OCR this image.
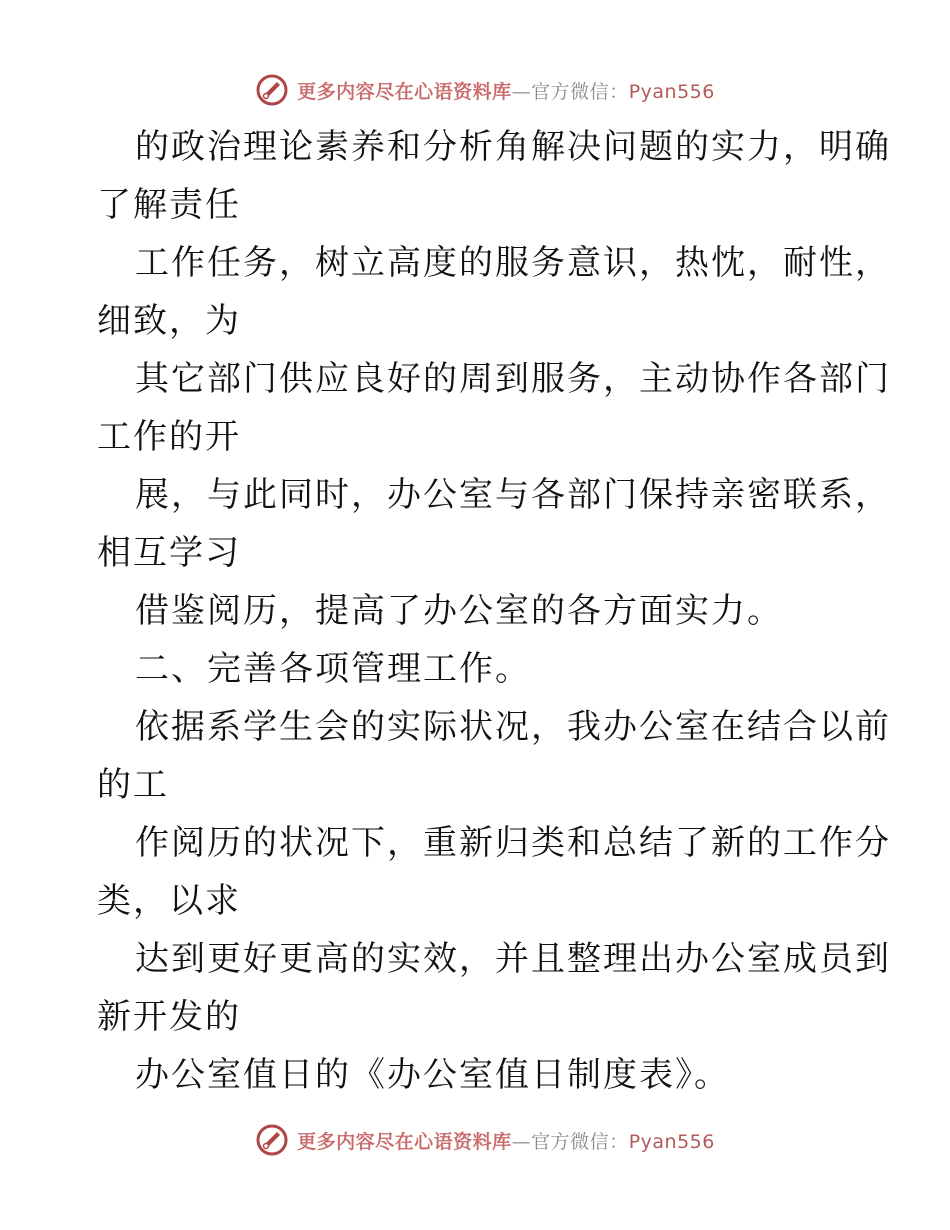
更多内容尽在心语资料库—官方微信：Pyan556
的政治理论素养和分析角解决问题的实力，明确
了解责任
工作任务，树立高度的服务意识，热忱，耐性，
细致，为
其它部门供应良好的周到服务，主动协作各部门
工作的开
展，与此同时，办公室与各部门保持亲密联系，
相互学习
借鉴阅历，提高了办公室的各方面实力。
二、完善各项管理工作。
依据系学生会的实际状况，我办公室在结合以前
的工
作阅历的状况下，重新归类和总结了新的工作分
类，以求
达到更好更高的实效，并且整理出办公室成员到
新开发的
办公室值日的《办公室值日制度表》。
更多内容尽在心语资料库—官方微信：Pyan556
